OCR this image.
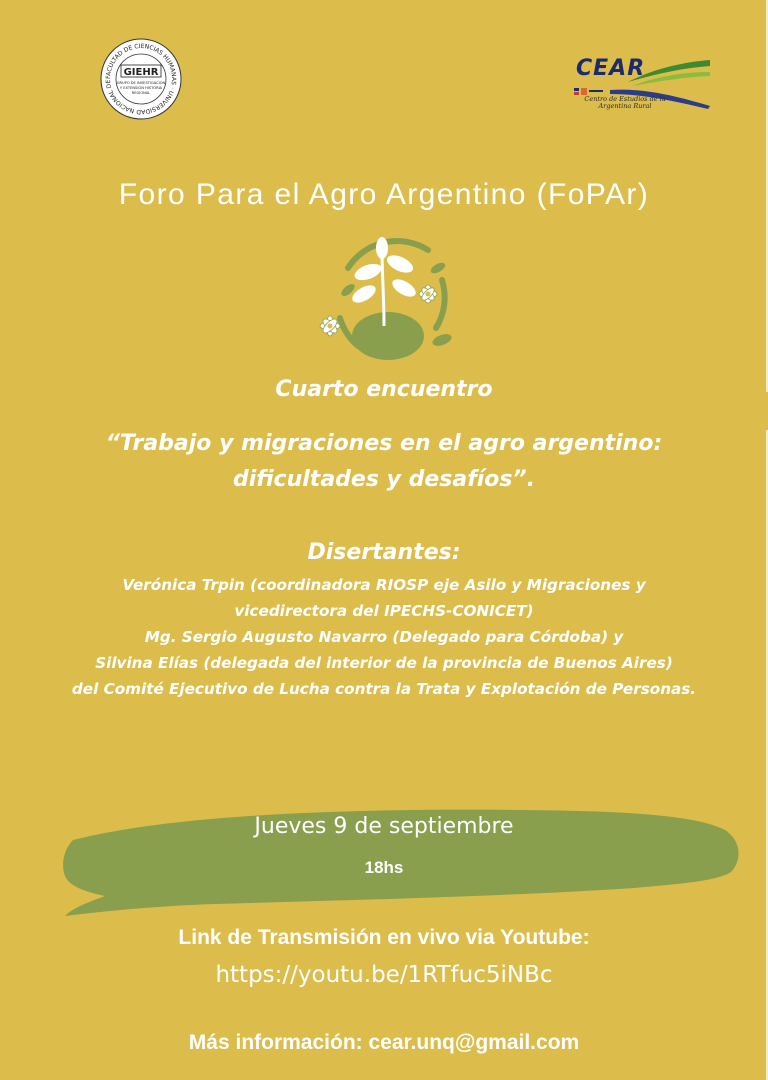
FACULTAD DE CIENCIAS HUMANAS · UNIVERSIDAD NACIONAL DE
GIEHR
GRUPO DE INVESTIGACIÓN
Y EXTENSIÓN HISTORIA
REGIONAL
CEAR
Centro de Estudios de la
Argentina Rural
Foro Para el Agro Argentino (FoPAr)
Cuarto encuentro
“Trabajo y migraciones en el agro argentino:
dificultades y desafíos”.
Disertantes:
Verónica Trpin (coordinadora RIOSP eje Asilo y Migraciones y
vicedirectora del IPECHS-CONICET)
Mg. Sergio Augusto Navarro (Delegado para Córdoba) y
Silvina Elías (delegada del interior de la provincia de Buenos Aires)
del Comité Ejecutivo de Lucha contra la Trata y Explotación de Personas.
Jueves 9 de septiembre
18hs
Link de Transmisión en vivo via Youtube:
https://youtu.be/1RTfuc5iNBc
Más información: cear.unq@gmail.com
